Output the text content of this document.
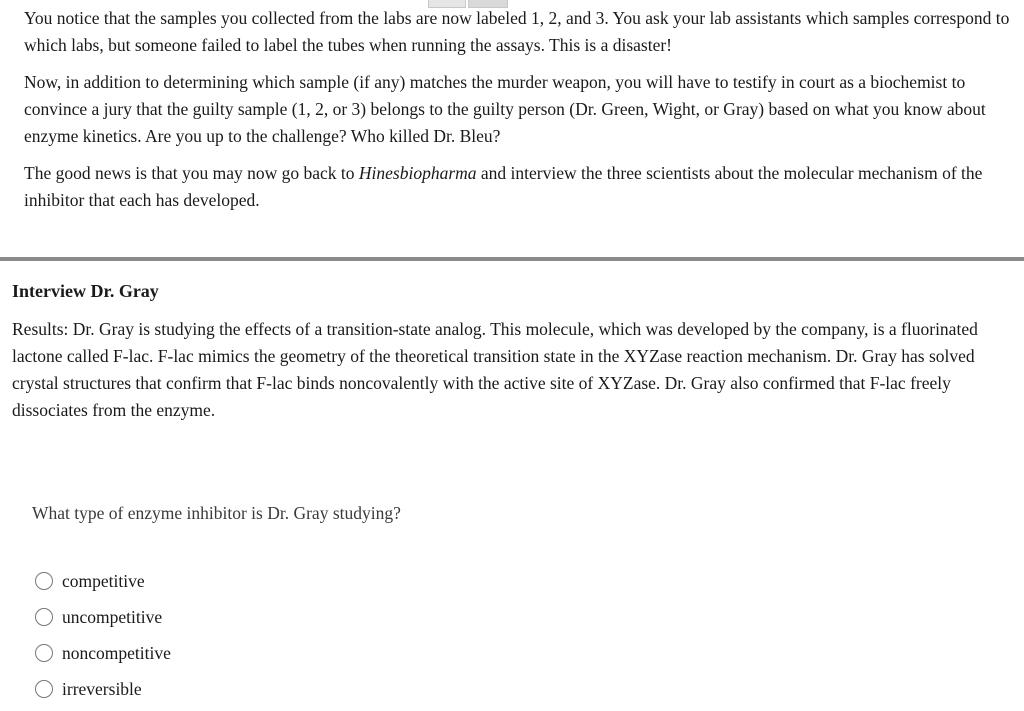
You notice that the samples you collected from the labs are now labeled 1, 2, and 3. You ask your lab assistants which samples correspond to which labs, but someone failed to label the tubes when running the assays. This is a disaster!

Now, in addition to determining which sample (if any) matches the murder weapon, you will have to testify in court as a biochemist to convince a jury that the guilty sample (1, 2, or 3) belongs to the guilty person (Dr. Green, Wight, or Gray) based on what you know about enzyme kinetics. Are you up to the challenge? Who killed Dr. Bleu?

The good news is that you may now go back to Hinesbiopharma and interview the three scientists about the molecular mechanism of the inhibitor that each has developed.

Interview Dr. Gray

Results: Dr. Gray is studying the effects of a transition-state analog. This molecule, which was developed by the company, is a fluorinated lactone called F-lac. F-lac mimics the geometry of the theoretical transition state in the XYZase reaction mechanism. Dr. Gray has solved crystal structures that confirm that F-lac binds noncovalently with the active site of XYZase. Dr. Gray also confirmed that F-lac freely dissociates from the enzyme.

What type of enzyme inhibitor is Dr. Gray studying?
competitive
uncompetitive
noncompetitive
irreversible
